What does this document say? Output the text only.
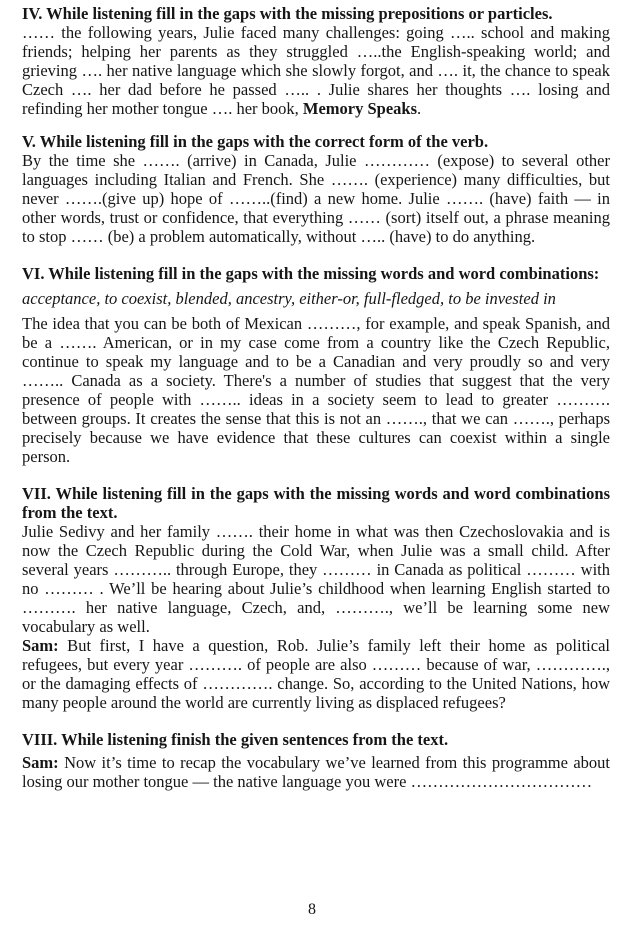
IV. While listening fill in the gaps with the missing prepositions or particles.

…… the following years, Julie faced many challenges: going ….. school and making friends; helping her parents as they struggled …..the English-speaking world; and grieving …. her native language which she slowly forgot, and …. it, the chance to speak Czech …. her dad before he passed ….. . Julie shares her thoughts …. losing and refinding her mother tongue …. her book, Memory Speaks.

V. While listening fill in the gaps with the correct form of the verb.

By the time she ……. (arrive) in Canada, Julie ………… (expose) to several other languages including Italian and French. She ……. (experience) many difficulties, but never …….(give up) hope of ……..(find) a new home. Julie ……. (have) faith — in other words, trust or confidence, that everything …… (sort) itself out, a phrase meaning to stop …… (be) a problem automatically, without ….. (have) to do anything.

VI. While listening fill in the gaps with the missing words and word combinations:

acceptance, to coexist, blended, ancestry, either-or, full-fledged, to be invested in

The idea that you can be both of Mexican ………, for example, and speak Spanish, and be a ……. American, or in my case come from a country like the Czech Republic, continue to speak my language and to be a Canadian and very proudly so and very …….. Canada as a society. There's a number of studies that suggest that the very presence of people with …….. ideas in a society seem to lead to greater ………. between groups. It creates the sense that this is not an ……., that we can ……., perhaps precisely because we have evidence that these cultures can coexist within a single person.

VII. While listening fill in the gaps with the missing words and word combinations from the text.

Julie Sedivy and her family ……. their home in what was then Czechoslovakia and is now the Czech Republic during the Cold War, when Julie was a small child. After several years ……….. through Europe, they ……… in Canada as political ……… with no ……… . We’ll be hearing about Julie’s childhood when learning English started to ………. her native language, Czech, and, ………., we’ll be learning some new vocabulary as well.

Sam: But first, I have a question, Rob. Julie’s family left their home as political refugees, but every year ………. of people are also ……… because of war, …………., or the damaging effects of …………. change. So, according to the United Nations, how many people around the world are currently living as displaced refugees?

VIII. While listening finish the given sentences from the text.

Sam: Now it’s time to recap the vocabulary we’ve learned from this programme about losing our mother tongue — the native language you were ……………………………

8
